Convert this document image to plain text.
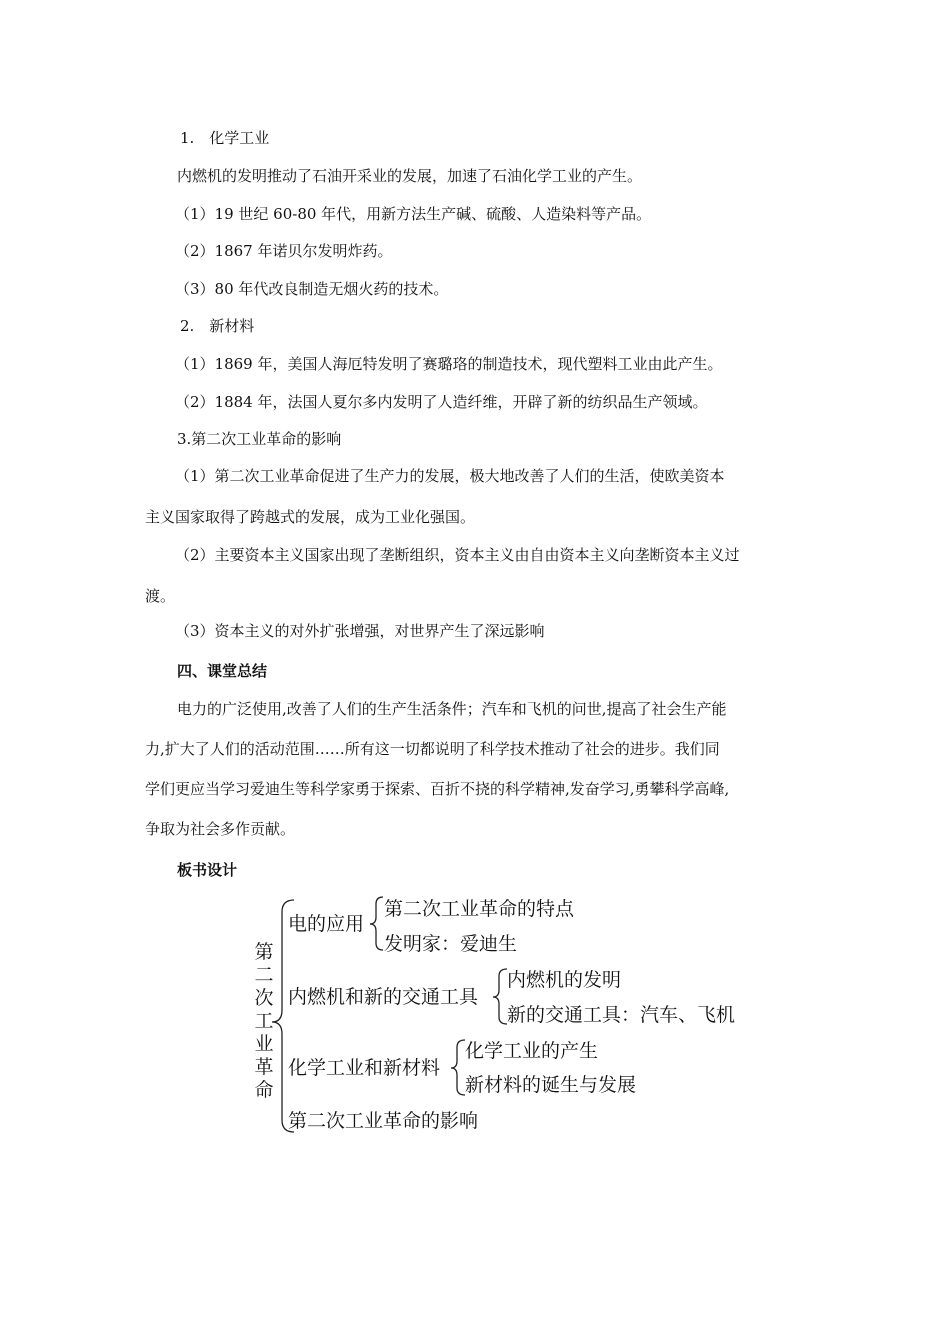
1.　化学工业
内燃机的发明推动了石油开采业的发展，加速了石油化学工业的产生。
（1）19 世纪 60-80 年代，用新方法生产碱、硫酸、人造染料等产品。
（2）1867 年诺贝尔发明炸药。
（3）80 年代改良制造无烟火药的技术。
2.　新材料
（1）1869 年，美国人海厄特发明了赛璐珞的制造技术，现代塑料工业由此产生。
（2）1884 年，法国人夏尔多内发明了人造纤维，开辟了新的纺织品生产领域。
3.第二次工业革命的影响
（1）第二次工业革命促进了生产力的发展，极大地改善了人们的生活，使欧美资本
主义国家取得了跨越式的发展，成为工业化强国。
（2）主要资本主义国家出现了垄断组织，资本主义由自由资本主义向垄断资本主义过
渡。
（3）资本主义的对外扩张增强，对世界产生了深远影响
四、课堂总结
电力的广泛使用,改善了人们的生产生活条件；汽车和飞机的问世,提高了社会生产能
力,扩大了人们的活动范围……所有这一切都说明了科学技术推动了社会的进步。我们同
学们更应当学习爱迪生等科学家勇于探索、百折不挠的科学精神,发奋学习,勇攀科学高峰,
争取为社会多作贡献。
板书设计
第
二
次
工
业
革
命
电的应用
第二次工业革命的特点
发明家：爱迪生
内燃机和新的交通工具
内燃机的发明
新的交通工具：汽车、飞机
化学工业和新材料
化学工业的产生
新材料的诞生与发展
第二次工业革命的影响
